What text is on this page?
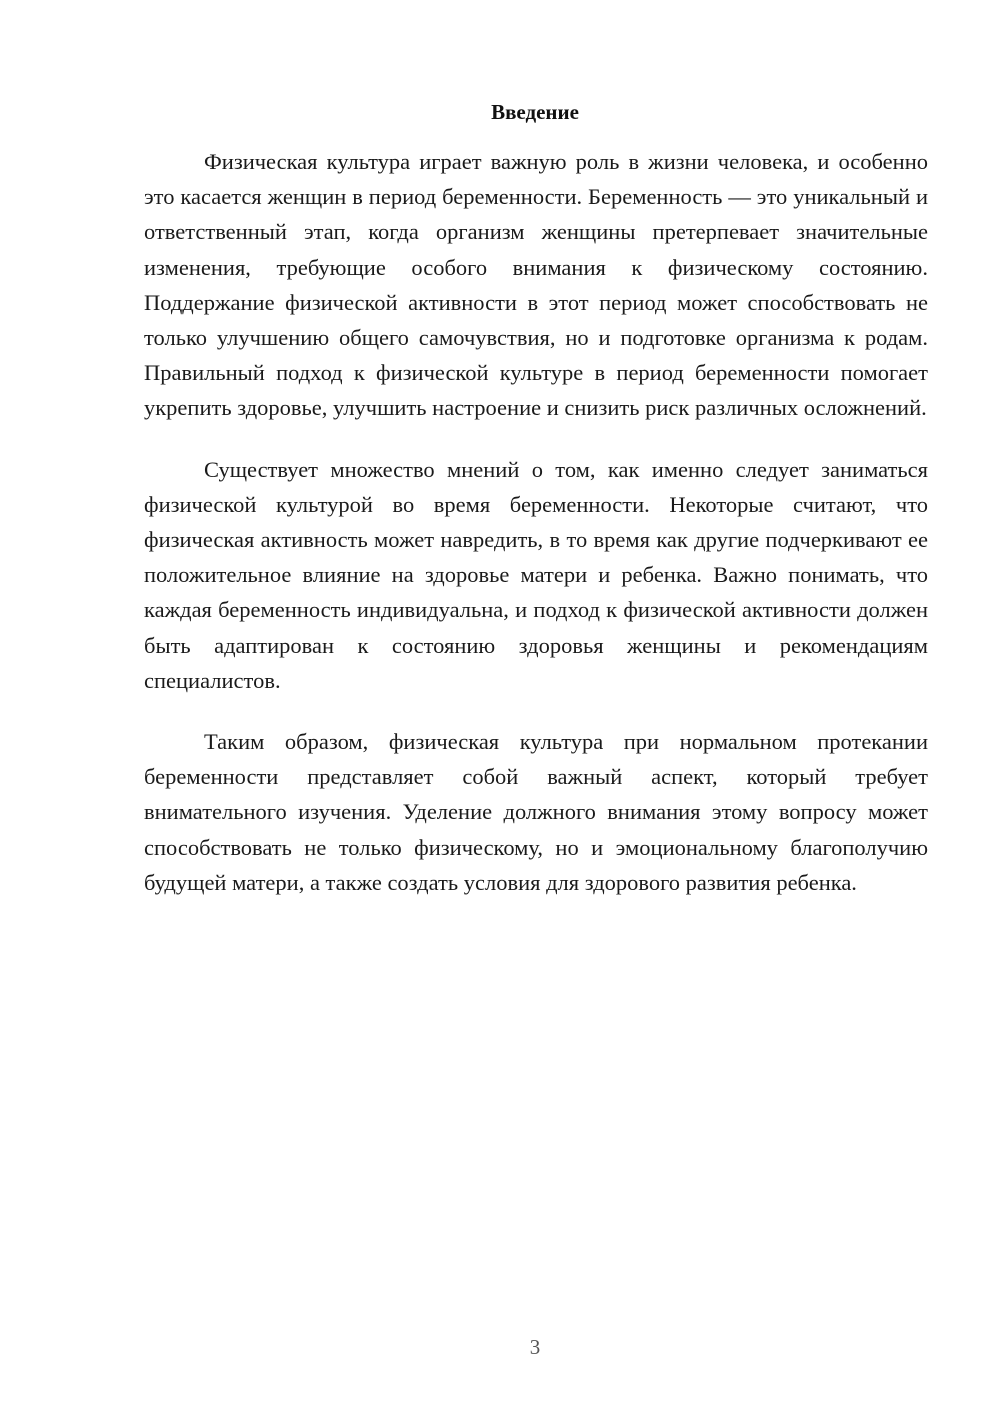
Введение

Физическая культура играет важную роль в жизни человека, и особенно это касается женщин в период беременности. Беременность — это уникальный и ответственный этап, когда организм женщины претерпевает значительные изменения, требующие особого внимания к физическому состоянию. Поддержание физической активности в этот период может способствовать не только улучшению общего самочувствия, но и подготовке организма к родам. Правильный подход к физической культуре в период беременности помогает укрепить здоровье, улучшить настроение и снизить риск различных осложнений.

Существует множество мнений о том, как именно следует заниматься физической культурой во время беременности. Некоторые считают, что физическая активность может навредить, в то время как другие подчеркивают ее положительное влияние на здоровье матери и ребенка. Важно понимать, что каждая беременность индивидуальна, и подход к физической активности должен быть адаптирован к состоянию здоровья женщины и рекомендациям специалистов.

Таким образом, физическая культура при нормальном протекании беременности представляет собой важный аспект, который требует внимательного изучения. Уделение должного внимания этому вопросу может способствовать не только физическому, но и эмоциональному благополучию будущей матери, а также создать условия для здорового развития ребенка.

3
